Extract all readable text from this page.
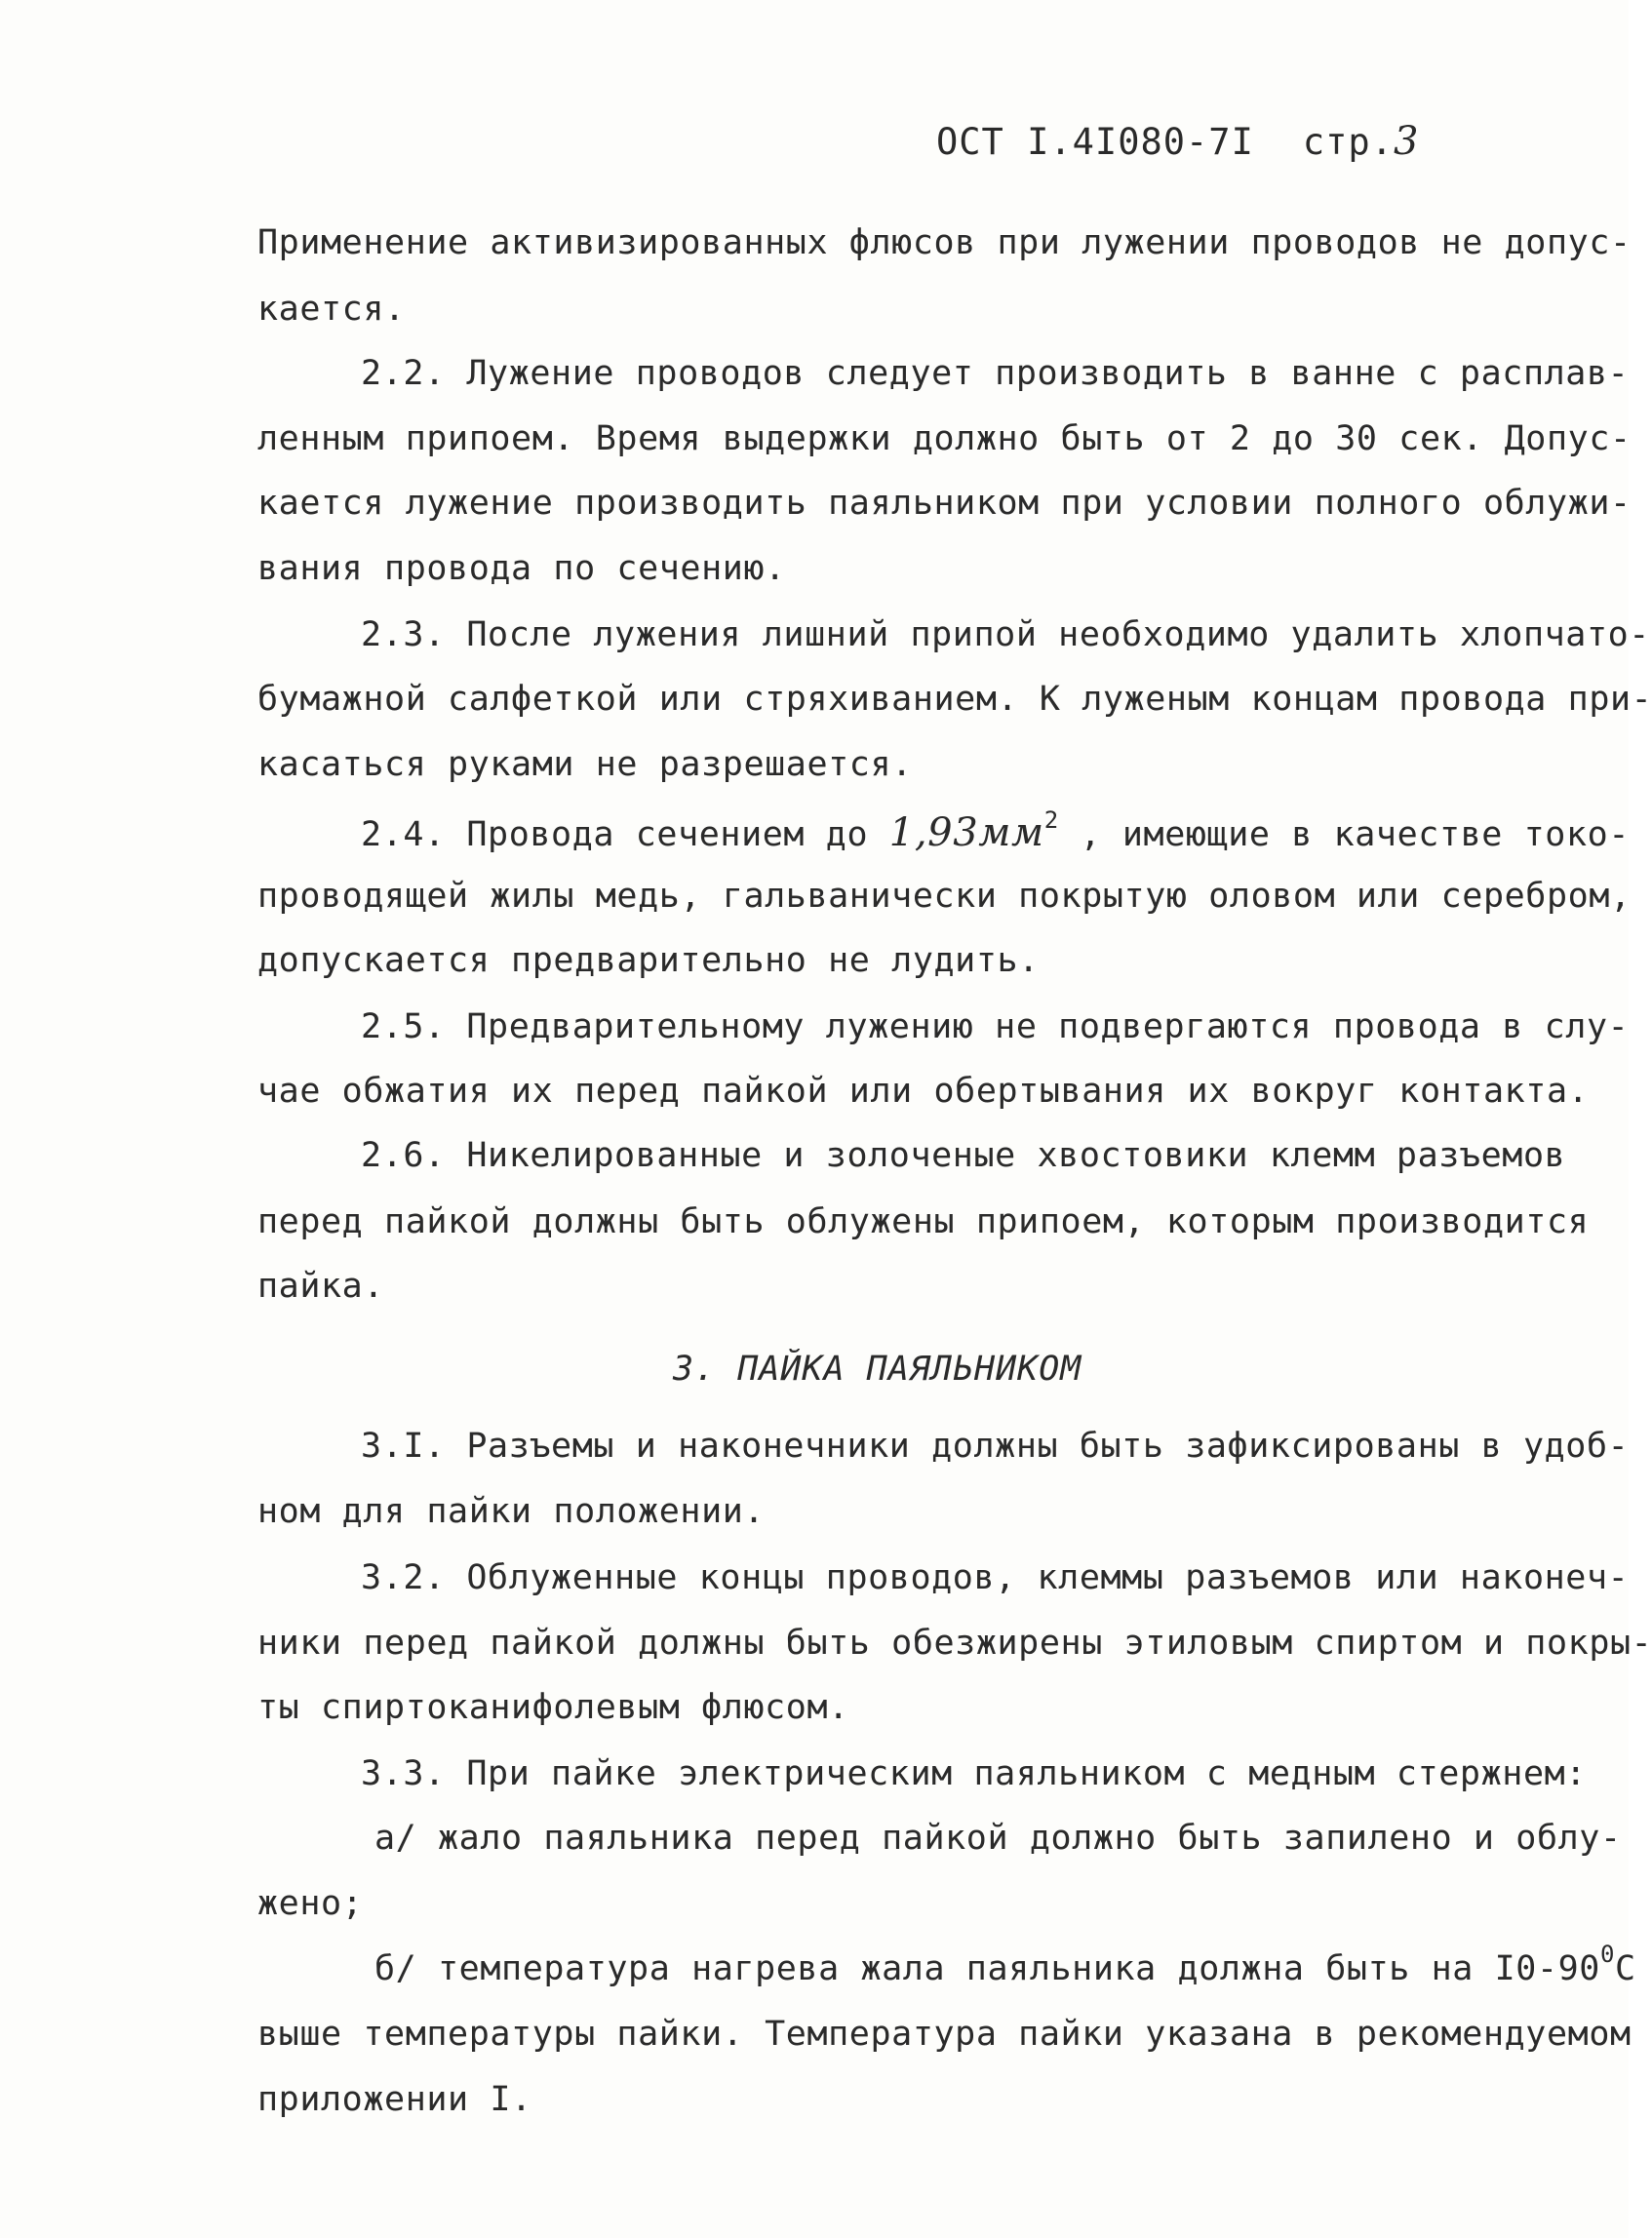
ОСТ I.4I080-7I стр.3
Применение активизированных флюсов при лужении проводов не допус-
кается.
2.2. Лужение проводов следует производить в ванне с расплав-
ленным припоем. Время выдержки должно быть от 2 до 30 сек. Допус-
кается лужение производить паяльником при условии полного облужи-
вания провода по сечению.
2.3. После лужения лишний припой необходимо удалить хлопчато-
бумажной салфеткой или стряхиванием. К луженым концам провода при-
касаться руками не разрешается.
2.4. Провода сечением до $1,93мм^2$ , имеющие в качестве токо-
проводящей жилы медь, гальванически покрытую оловом или серебром,
допускается предварительно не лудить.
2.5. Предварительному лужению не подвергаются провода в слу-
чае обжатия их перед пайкой или обертывания их вокруг контакта.
2.6. Никелированные и золоченые хвостовики клемм разъемов
перед пайкой должны быть облужены припоем, которым производится
пайка.
3. ПАЙКА ПАЯЛЬНИКОМ
3.I. Разъемы и наконечники должны быть зафиксированы в удоб-
ном для пайки положении.
3.2. Облуженные концы проводов, клеммы разъемов или наконеч-
ники перед пайкой должны быть обезжирены этиловым спиртом и покры-
ты спиртоканифолевым флюсом.
3.3. При пайке электрическим паяльником с медным стержнем:
а/ жало паяльника перед пайкой должно быть запилено и облу-
жено;
б/ температура нагрева жала паяльника должна быть на $I0-90^0С$
выше температуры пайки. Температура пайки указана в рекомендуемом
приложении I.
